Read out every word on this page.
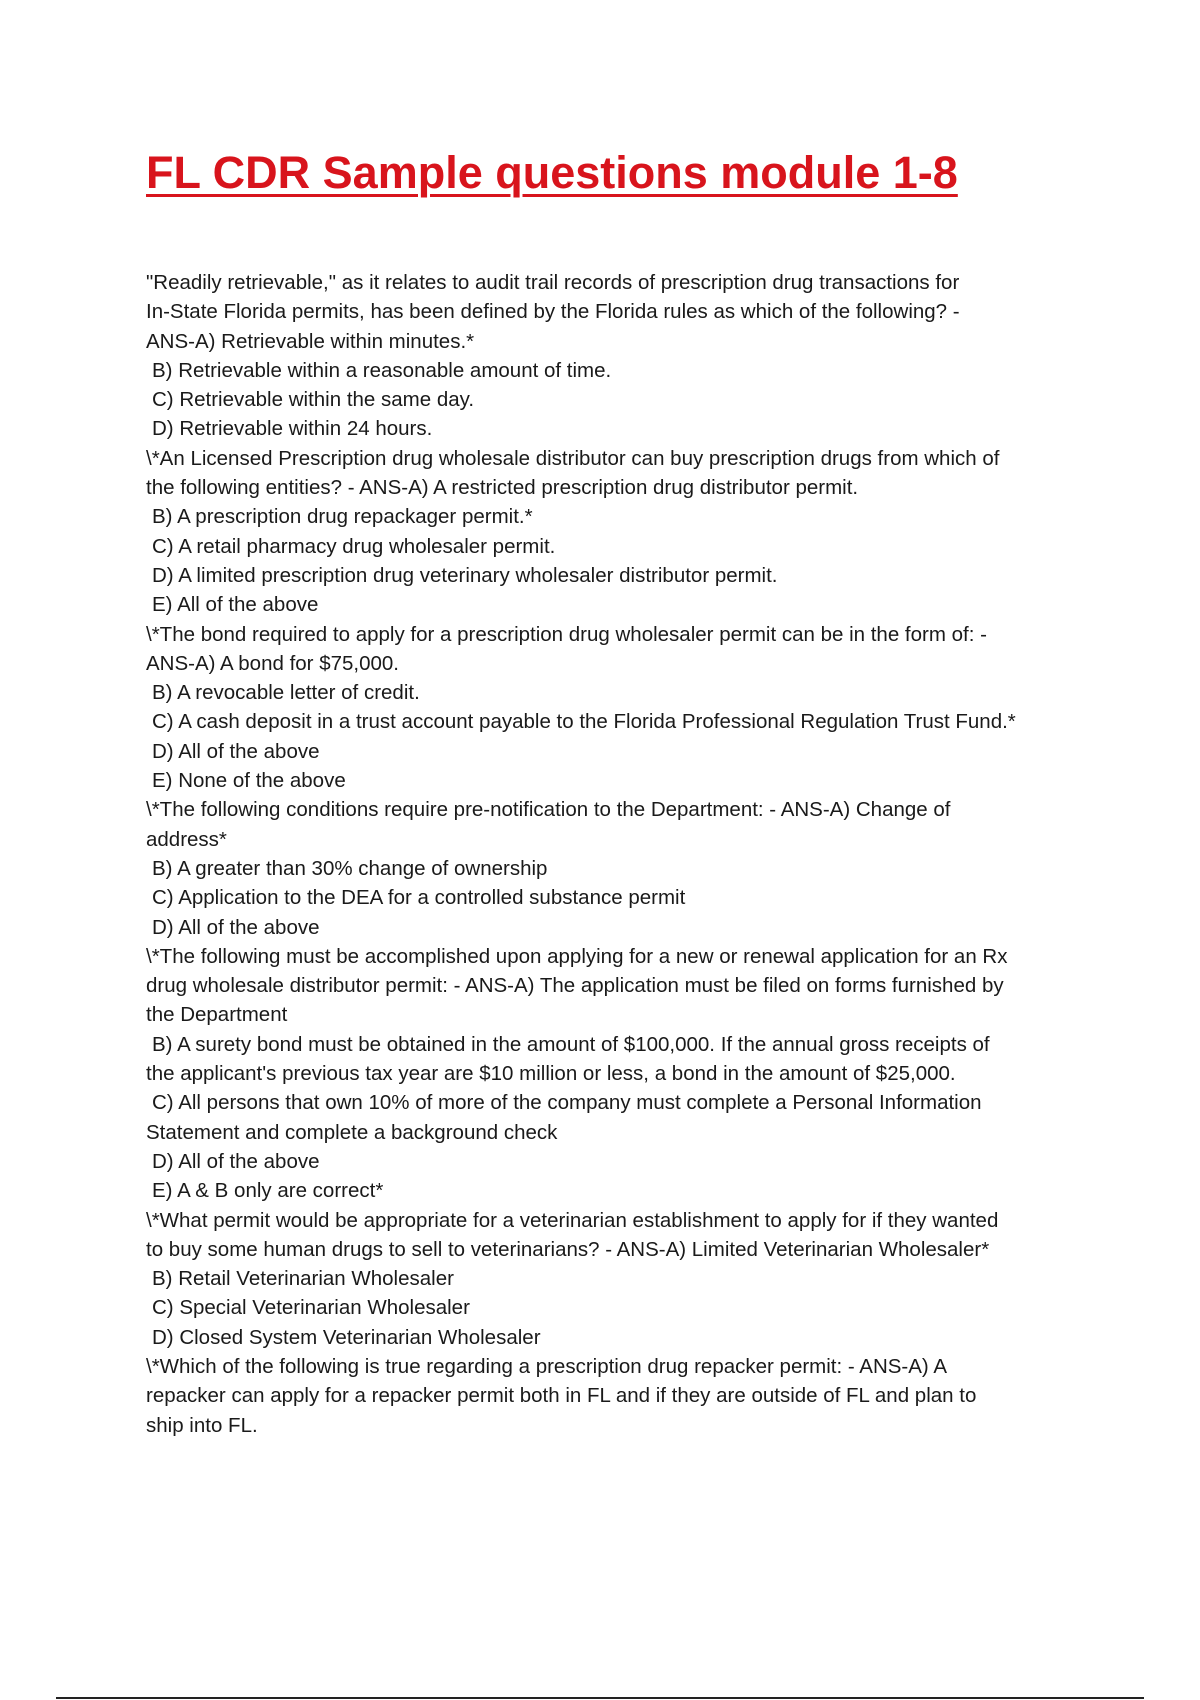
FL CDR Sample questions module 1-8
"Readily retrievable," as it relates to audit trail records of prescription drug transactions for
In-State Florida permits, has been defined by the Florida rules as which of the following? -
ANS-A) Retrievable within minutes.*
B) Retrievable within a reasonable amount of time.
C) Retrievable within the same day.
D) Retrievable within 24 hours.
\*An Licensed Prescription drug wholesale distributor can buy prescription drugs from which of
the following entities? - ANS-A) A restricted prescription drug distributor permit.
B) A prescription drug repackager permit.*
C) A retail pharmacy drug wholesaler permit.
D) A limited prescription drug veterinary wholesaler distributor permit.
E) All of the above
\*The bond required to apply for a prescription drug wholesaler permit can be in the form of: -
ANS-A) A bond for $75,000.
B) A revocable letter of credit.
C) A cash deposit in a trust account payable to the Florida Professional Regulation Trust Fund.*
D) All of the above
E) None of the above
\*The following conditions require pre-notification to the Department: - ANS-A) Change of
address*
B) A greater than 30% change of ownership
C) Application to the DEA for a controlled substance permit
D) All of the above
\*The following must be accomplished upon applying for a new or renewal application for an Rx
drug wholesale distributor permit: - ANS-A) The application must be filed on forms furnished by
the Department
B) A surety bond must be obtained in the amount of $100,000. If the annual gross receipts of
the applicant's previous tax year are $10 million or less, a bond in the amount of $25,000.
C) All persons that own 10% of more of the company must complete a Personal Information
Statement and complete a background check
D) All of the above
E) A & B only are correct*
\*What permit would be appropriate for a veterinarian establishment to apply for if they wanted
to buy some human drugs to sell to veterinarians? - ANS-A) Limited Veterinarian Wholesaler*
B) Retail Veterinarian Wholesaler
C) Special Veterinarian Wholesaler
D) Closed System Veterinarian Wholesaler
\*Which of the following is true regarding a prescription drug repacker permit: - ANS-A) A
repacker can apply for a repacker permit both in FL and if they are outside of FL and plan to
ship into FL.
